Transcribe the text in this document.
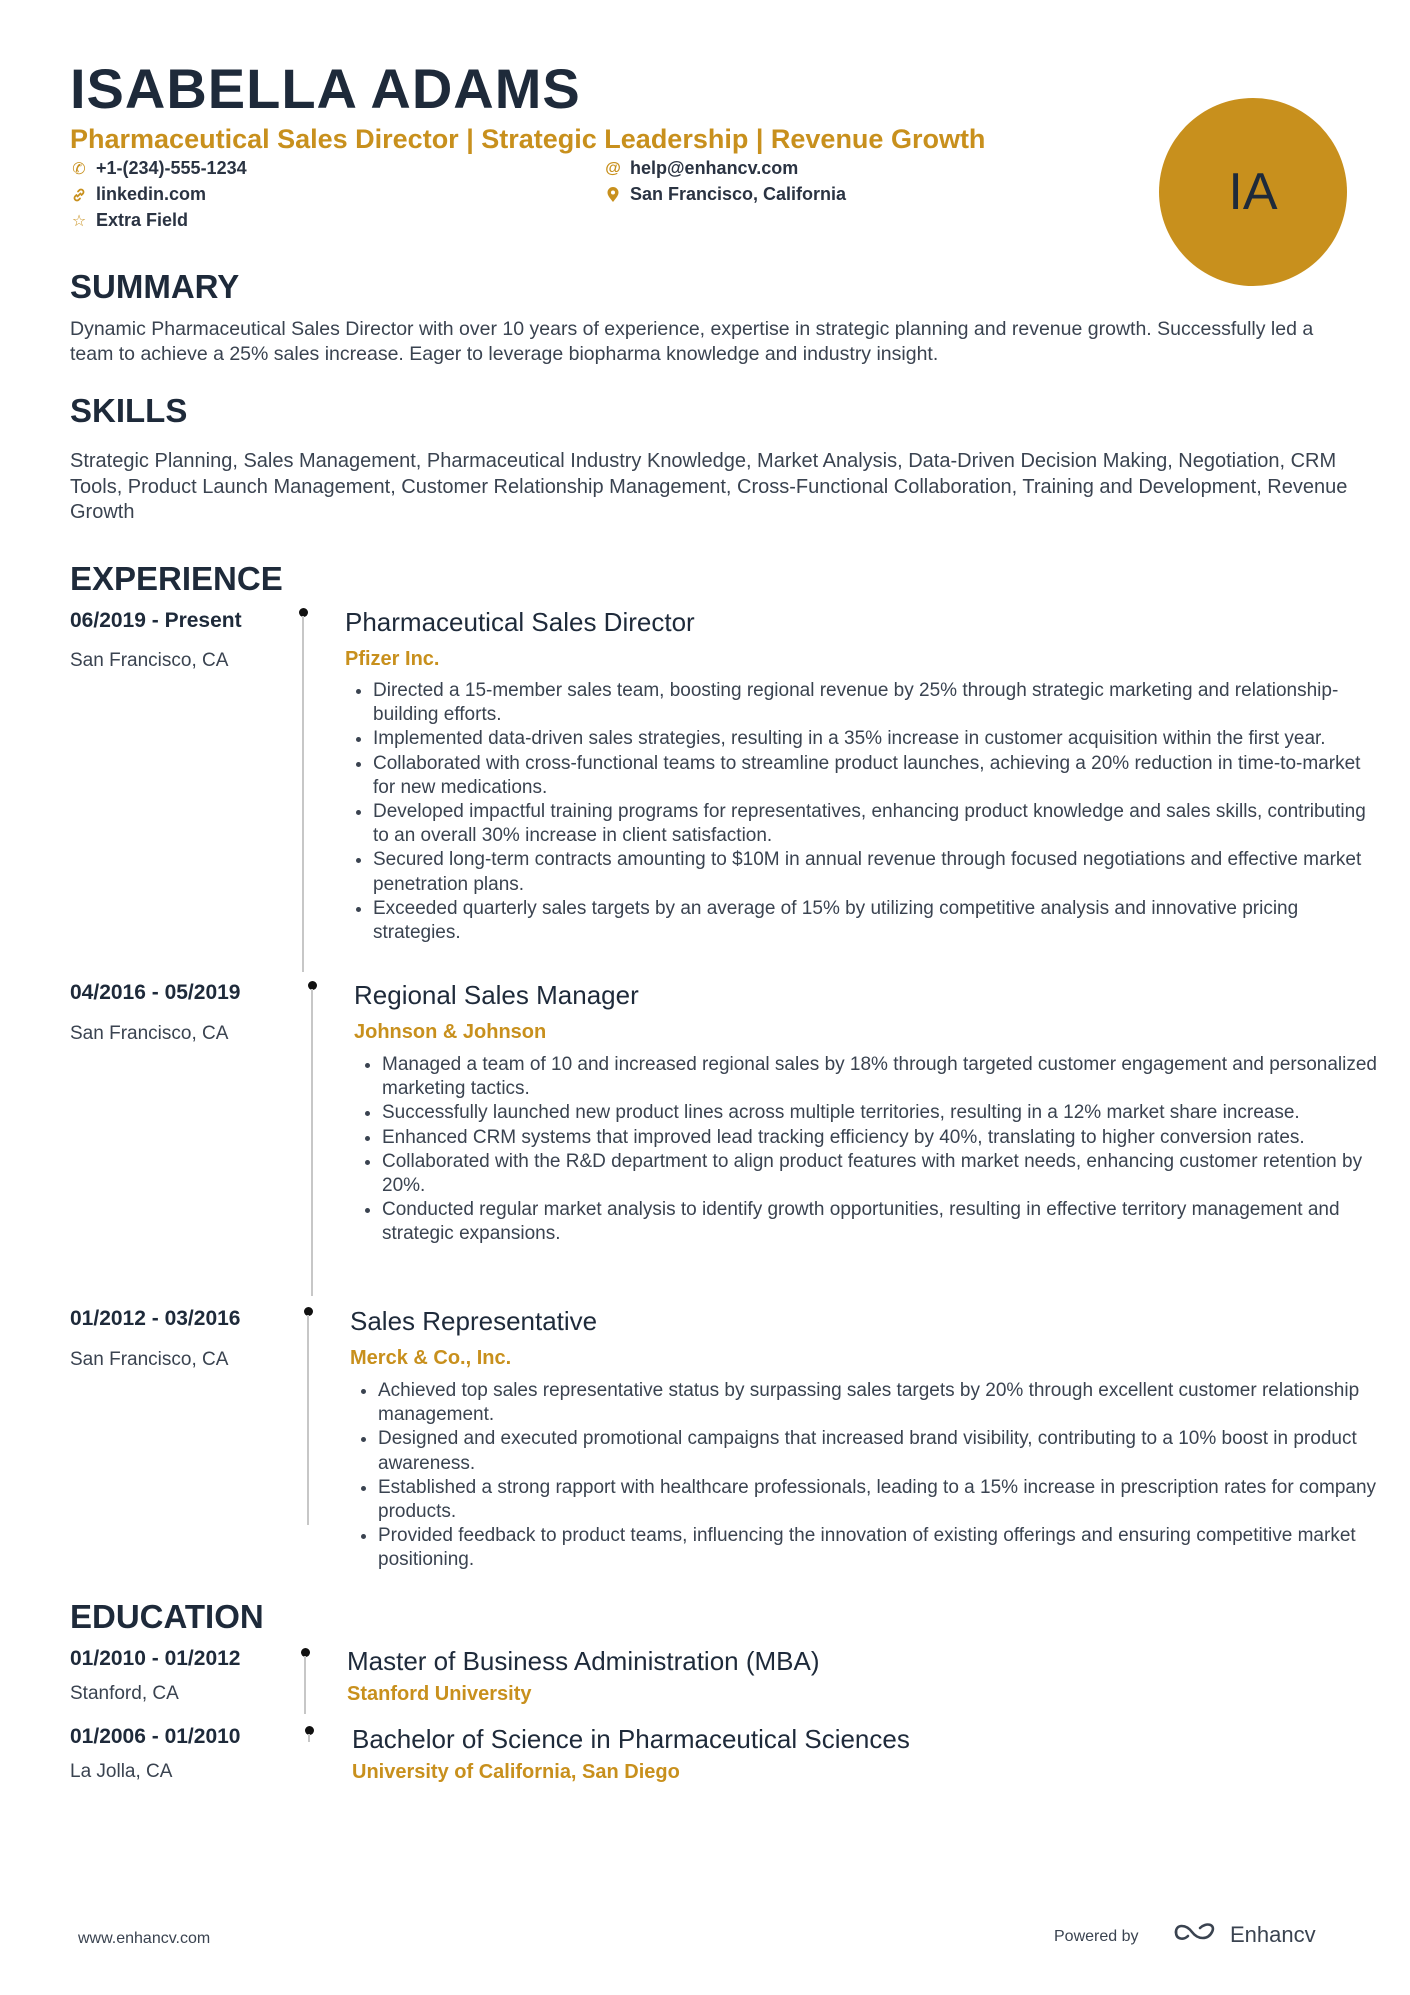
ISABELLA ADAMS
Pharmaceutical Sales Director | Strategic Leadership | Revenue Growth
✆ +1-(234)-555-1234	@ help@enhancv.com
linkedin.com	San Francisco, California
☆ Extra Field	IA
SUMMARY
Dynamic Pharmaceutical Sales Director with over 10 years of experience, expertise in strategic planning and revenue growth. Successfully led a team to achieve a 25% sales increase. Eager to leverage biopharma knowledge and industry insight.
SKILLS
Strategic Planning, Sales Management, Pharmaceutical Industry Knowledge, Market Analysis, Data-Driven Decision Making, Negotiation, CRM Tools, Product Launch Management, Customer Relationship Management, Cross-Functional Collaboration, Training and Development, Revenue Growth
EXPERIENCE
06/2019 - Present
San Francisco, CA
Pharmaceutical Sales Director
Pfizer Inc.
• Directed a 15-member sales team, boosting regional revenue by 25% through strategic marketing and relationship-building efforts.
• Implemented data-driven sales strategies, resulting in a 35% increase in customer acquisition within the first year.
• Collaborated with cross-functional teams to streamline product launches, achieving a 20% reduction in time-to-market for new medications.
• Developed impactful training programs for representatives, enhancing product knowledge and sales skills, contributing to an overall 30% increase in client satisfaction.
• Secured long-term contracts amounting to $10M in annual revenue through focused negotiations and effective market penetration plans.
• Exceeded quarterly sales targets by an average of 15% by utilizing competitive analysis and innovative pricing strategies.
04/2016 - 05/2019
San Francisco, CA
Regional Sales Manager
Johnson & Johnson
• Managed a team of 10 and increased regional sales by 18% through targeted customer engagement and personalized marketing tactics.
• Successfully launched new product lines across multiple territories, resulting in a 12% market share increase.
• Enhanced CRM systems that improved lead tracking efficiency by 40%, translating to higher conversion rates.
• Collaborated with the R&D department to align product features with market needs, enhancing customer retention by 20%.
• Conducted regular market analysis to identify growth opportunities, resulting in effective territory management and strategic expansions.
01/2012 - 03/2016
San Francisco, CA
Sales Representative
Merck & Co., Inc.
• Achieved top sales representative status by surpassing sales targets by 20% through excellent customer relationship management.
• Designed and executed promotional campaigns that increased brand visibility, contributing to a 10% boost in product awareness.
• Established a strong rapport with healthcare professionals, leading to a 15% increase in prescription rates for company products.
• Provided feedback to product teams, influencing the innovation of existing offerings and ensuring competitive market positioning.
EDUCATION
01/2010 - 01/2012
Stanford, CA
Master of Business Administration (MBA)
Stanford University
01/2006 - 01/2010
La Jolla, CA
Bachelor of Science in Pharmaceutical Sciences
University of California, San Diego
www.enhancv.com	Powered by	Enhancv
